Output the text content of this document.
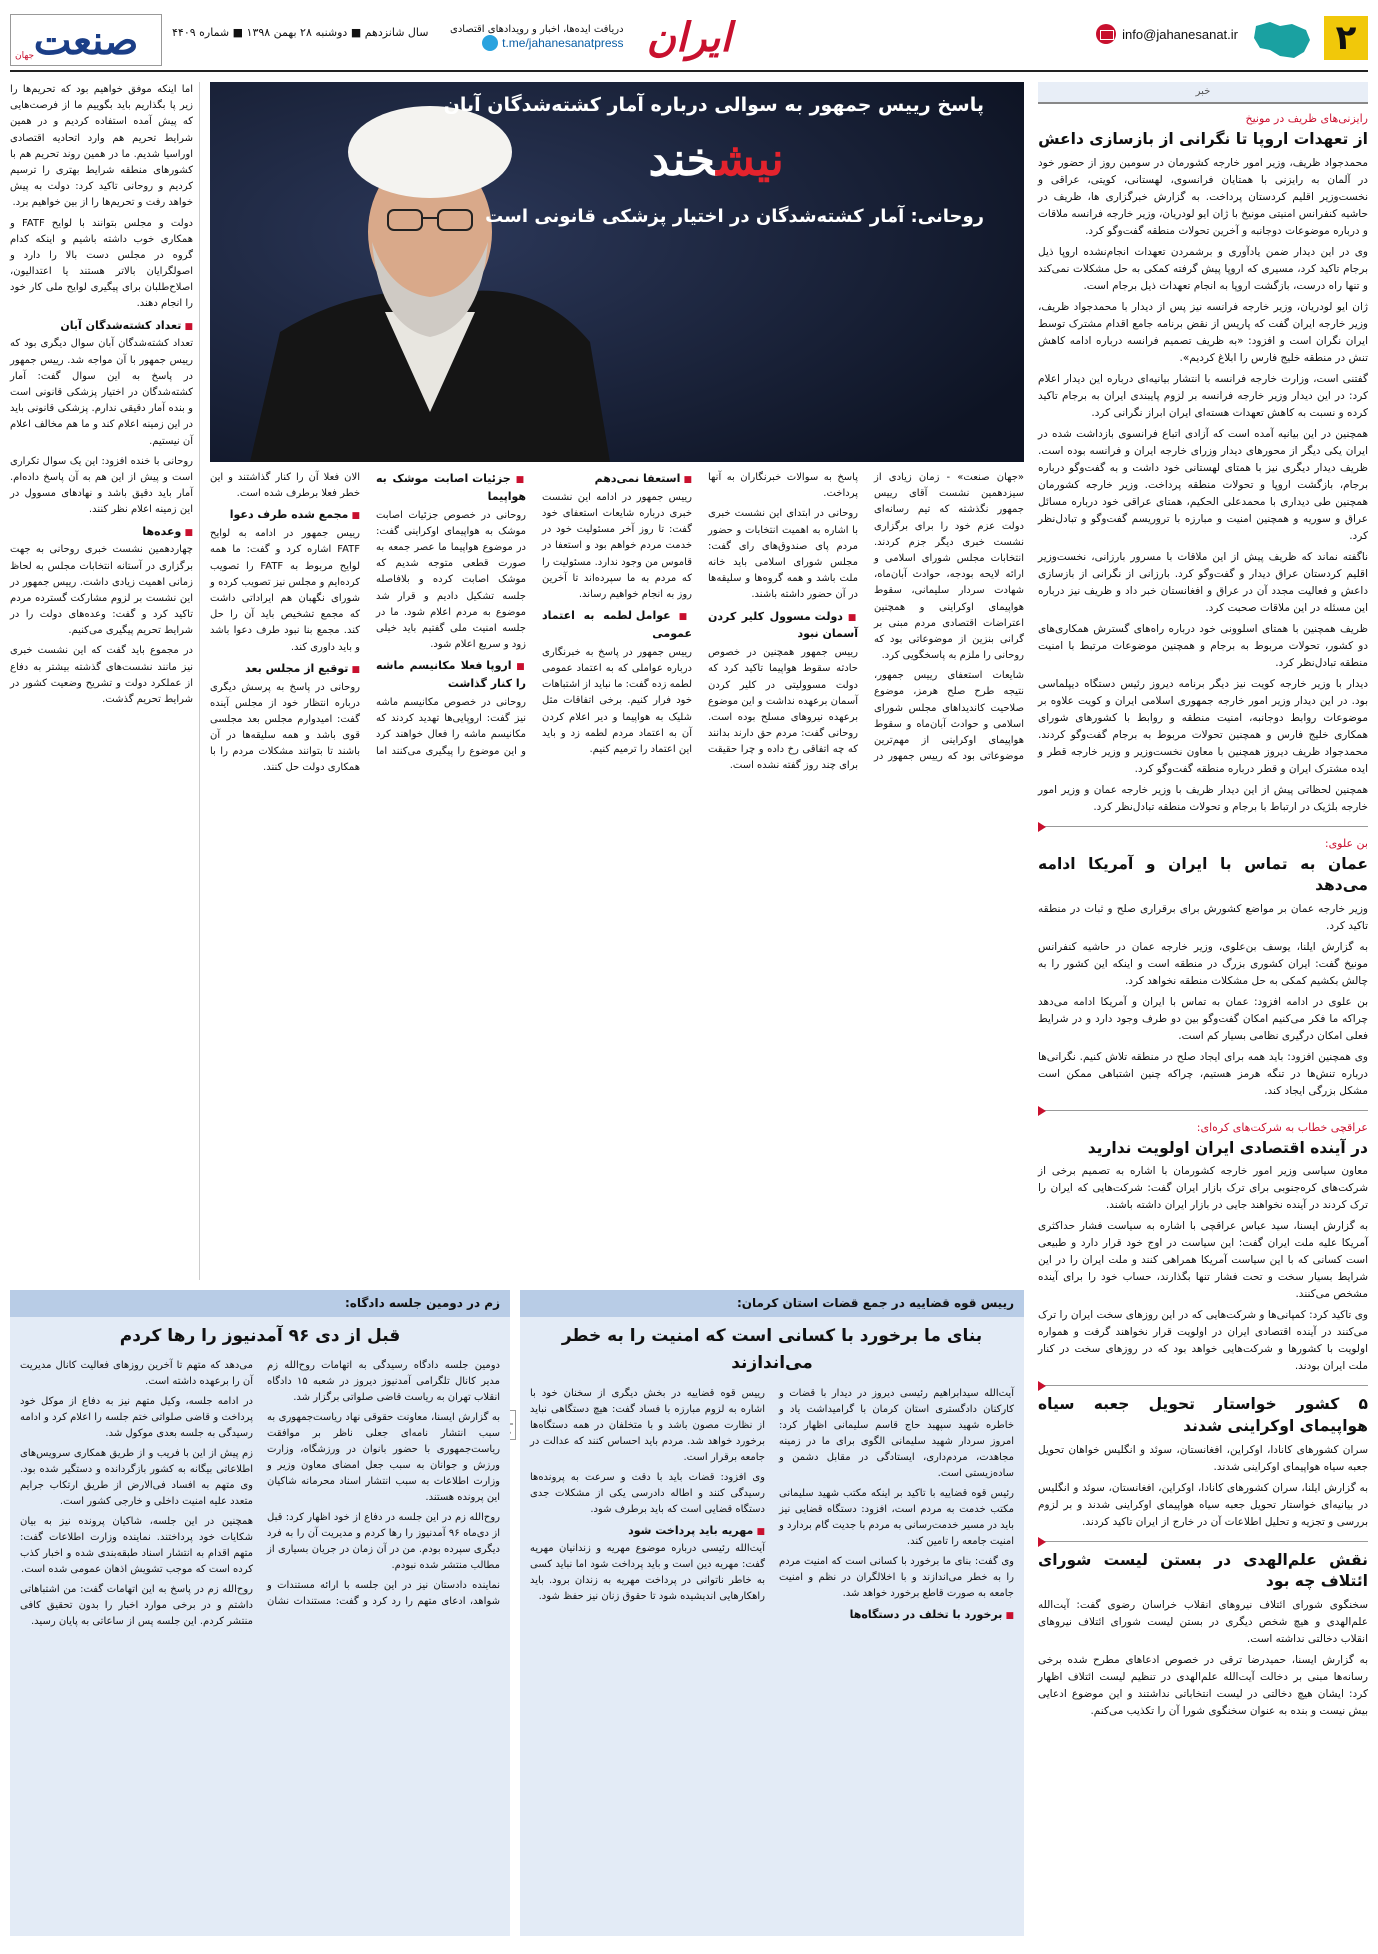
۲
info@jahanesanat.ir
ایران
دریافت ایده‌ها، اخبار و رویدادهای اقتصادی
t.me/jahanesanatpress
سال شانزدهم ■ دوشنبه ۲۸ بهمن ۱۳۹۸ ■ شماره ۴۴۰۹
صنعت
جهان
خبر
رایزنی‌های ظریف در مونیخ
از تعهدات اروپا تا نگرانی از بازسازی داعش

محمدجواد ظریف، وزیر امور خارجه کشورمان در سومین روز از حضور خود در آلمان به رایزنی با همتایان فرانسوی، لهستانی، کویتی، عراقی و نخست‌وزیر اقلیم کردستان پرداخت. به گزارش خبرگزاری ها، ظریف در حاشیه کنفرانس امنیتی مونیخ با ژان ایو لودریان، وزیر خارجه فرانسه ملاقات و درباره موضوعات دوجانبه و آخرین تحولات منطقه گفت‌وگو کرد.

وی در این دیدار ضمن یادآوری و برشمردن تعهدات انجام‌نشده اروپا ذیل برجام تاکید کرد، مسیری که اروپا پیش گرفته کمکی به حل مشکلات نمی‌کند و تنها راه درست، بازگشت اروپا به انجام تعهدات ذیل برجام است.

ژان ایو لودریان، وزیر خارجه فرانسه نیز پس از دیدار با محمدجواد ظریف، وزیر خارجه ایران گفت که پاریس از نقض برنامه جامع اقدام مشترک توسط ایران نگران است و افزود: «به ظریف تصمیم فرانسه درباره ادامه کاهش تنش در منطقه خلیج فارس را ابلاغ کردیم».

گفتنی است، وزارت خارجه فرانسه با انتشار بیانیه‌ای درباره این دیدار اعلام کرد: در این دیدار وزیر خارجه فرانسه بر لزوم پایبندی ایران به برجام تاکید کرده و نسبت به کاهش تعهدات هسته‌ای ایران ابراز نگرانی کرد.

همچنین در این بیانیه آمده است که آزادی اتباع فرانسوی بازداشت شده در ایران یکی دیگر از محورهای دیدار وزرای خارجه ایران و فرانسه بوده است. ظریف دیدار دیگری نیز با همتای لهستانی خود داشت و به گفت‌وگو درباره برجام، بازگشت اروپا و تحولات منطقه پرداخت. وزیر خارجه کشورمان همچنین طی دیداری با محمدعلی الحکیم، همتای عراقی خود درباره مسائل عراق و سوریه و همچنین امنیت و مبارزه با تروریسم گفت‌وگو و تبادل‌نظر کرد.

ناگفته نماند که ظریف پیش از این ملاقات با مسرور بارزانی، نخست‌وزیر اقلیم کردستان عراق دیدار و گفت‌وگو کرد. بارزانی از نگرانی از بازسازی داعش و فعالیت مجدد آن در عراق و افغانستان خبر داد و ظریف نیز درباره این مسئله در این ملاقات صحبت کرد.

ظریف همچنین با همتای اسلوونی خود درباره راه‌های گسترش همکاری‌های دو کشور، تحولات مربوط به برجام و همچنین موضوعات مرتبط با امنیت منطقه تبادل‌نظر کرد.

دیدار با وزیر خارجه کویت نیز دیگر برنامه دیروز رئیس دستگاه دیپلماسی بود. در این دیدار وزیر امور خارجه جمهوری اسلامی ایران و کویت علاوه بر موضوعات روابط دوجانبه، امنیت منطقه و روابط با کشورهای شورای همکاری خلیج فارس و همچنین تحولات مربوط به برجام گفت‌وگو کردند. محمدجواد ظریف دیروز همچنین با معاون نخست‌وزیر و وزیر خارجه قطر و ایده مشترک ایران و قطر درباره منطقه گفت‌وگو کرد.

همچنین لحظاتی پیش از این دیدار ظریف با وزیر خارجه عمان و وزیر امور خارجه بلژیک در ارتباط با برجام و تحولات منطقه تبادل‌نظر کرد.

بن علوی:
عمان به تماس با ایران و آمریکا ادامه می‌دهد

وزیر خارجه عمان بر مواضع کشورش برای برقراری صلح و ثبات در منطقه تاکید کرد.

به گزارش ایلنا، یوسف بن‌علوی، وزیر خارجه عمان در حاشیه کنفرانس مونیخ گفت: ایران کشوری بزرگ در منطقه است و اینکه این کشور را به چالش بکشیم کمکی به حل مشکلات منطقه نخواهد کرد.

بن علوی در ادامه افزود: عمان به تماس با ایران و آمریکا ادامه می‌دهد چراکه ما فکر می‌کنیم امکان گفت‌وگو بین دو طرف وجود دارد و در شرایط فعلی امکان درگیری نظامی بسیار کم است.

وی همچنین افزود: باید همه برای ایجاد صلح در منطقه تلاش کنیم. نگرانی‌ها درباره تنش‌ها در تنگه هرمز هستیم، چراکه چنین اشتباهی ممکن است مشکل بزرگی ایجاد کند.

عراقچی خطاب به شرکت‌های کره‌ای:
در آینده اقتصادی ایران اولویت ندارید

معاون سیاسی وزیر امور خارجه کشورمان با اشاره به تصمیم برخی از شرکت‌های کره‌جنوبی برای ترک بازار ایران گفت: شرکت‌هایی که ایران را ترک کردند در آینده نخواهند جایی در بازار ایران داشته باشند.

به گزارش ایسنا، سید عباس عراقچی با اشاره به سیاست فشار حداکثری آمریکا علیه ملت ایران گفت: این سیاست در اوج خود قرار دارد و طبیعی است کسانی که با این سیاست آمریکا همراهی کنند و ملت ایران را در این شرایط بسیار سخت و تحت فشار تنها بگذارند، حساب خود را برای آینده مشخص می‌کنند.

وی تاکید کرد: کمپانی‌ها و شرکت‌هایی که در این روزهای سخت ایران را ترک می‌کنند در آینده اقتصادی ایران در اولویت قرار نخواهند گرفت و همواره اولویت با کشورها و شرکت‌هایی خواهد بود که در روزهای سخت در کنار ملت ایران بودند.

۵ کشور خواستار تحویل جعبه سیاه هواپیمای اوکراینی شدند

سران کشورهای کانادا، اوکراین، افغانستان، سوئد و انگلیس خواهان تحویل جعبه سیاه هواپیمای اوکراینی شدند.

به گزارش ایلنا، سران کشورهای کانادا، اوکراین، افغانستان، سوئد و انگلیس در بیانیه‌ای خواستار تحویل جعبه سیاه هواپیمای اوکراینی شدند و بر لزوم بررسی و تجزیه و تحلیل اطلاعات آن در خارج از ایران تاکید کردند.

نقش علم‌الهدی در بستن لیست شورای ائتلاف چه بود

سخنگوی شورای ائتلاف نیروهای انقلاب خراسان رضوی گفت: آیت‌الله علم‌الهدی و هیچ شخص دیگری در بستن لیست شورای ائتلاف نیروهای انقلاب دخالتی نداشته است.

به گزارش ایسنا، حمیدرضا ترقی در خصوص ادعاهای مطرح شده برخی رسانه‌ها مبنی بر دخالت آیت‌الله علم‌الهدی در تنظیم لیست ائتلاف اظهار کرد: ایشان هیچ دخالتی در لیست انتخاباتی نداشتند و این موضوع ادعایی بیش نیست و بنده به عنوان سخنگوی شورا آن را تکذیب می‌کنم.

پاسخ رییس جمهور به سوالی درباره آمار کشته‌شدگان آبان
نیشخند
روحانی: آمار کشته‌شدگان در اختیار پزشکی قانونی است

«جهان صنعت» - زمان زیادی از سیزدهمین نشست آقای رییس جمهور نگذشته که تیم رسانه‌ای دولت عزم خود را برای برگزاری نشست خبری دیگر جزم کردند. انتخابات مجلس شورای اسلامی و ارائه لایحه بودجه، حوادث آبان‌ماه، شهادت سردار سلیمانی، سقوط هواپیمای اوکراینی و همچنین اعتراضات اقتصادی مردم مبنی بر گرانی بنزین از موضوعاتی بود که روحانی را ملزم به پاسخگویی کرد.

شایعات استعفای رییس جمهور، نتیجه طرح صلح هرمز، موضوع صلاحیت کاندیداهای مجلس شورای اسلامی و حوادث آبان‌ماه و سقوط هواپیمای اوکراینی از مهم‌ترین موضوعاتی بود که رییس جمهور در پاسخ به سوالات خبرنگاران به آنها پرداخت.

روحانی در ابتدای این نشست خبری با اشاره به اهمیت انتخابات و حضور مردم پای صندوق‌های رای گفت: مجلس شورای اسلامی باید خانه ملت باشد و همه گروه‌ها و سلیقه‌ها در آن حضور داشته باشند.

■ دولت مسوول کلیر کردن آسمان نبود

رییس جمهور همچنین در خصوص حادثه سقوط هواپیما تاکید کرد که دولت مسوولیتی در کلیر کردن آسمان برعهده نداشت و این موضوع برعهده نیروهای مسلح بوده است. روحانی گفت: مردم حق دارند بدانند که چه اتفاقی رخ داده و چرا حقیقت برای چند روز گفته نشده است.

■ استعفا نمی‌دهم

رییس جمهور در ادامه این نشست خبری درباره شایعات استعفای خود گفت: تا روز آخر مسئولیت خود در خدمت مردم خواهم بود و استعفا در قاموس من وجود ندارد. مسئولیت را که مردم به ما سپرده‌اند تا آخرین روز به انجام خواهیم رساند.

■ عوامل لطمه به اعتماد عمومی

رییس جمهور در پاسخ به خبرنگاری درباره عواملی که به اعتماد عمومی لطمه زده گفت: ما نباید از اشتباهات خود فرار کنیم. برخی اتفاقات مثل شلیک به هواپیما و دیر اعلام کردن آن به اعتماد مردم لطمه زد و باید این اعتماد را ترمیم کنیم.

■ جزئیات اصابت موشک به هواپیما

روحانی در خصوص جزئیات اصابت موشک به هواپیمای اوکراینی گفت: در موضوع هواپیما ما عصر جمعه به صورت قطعی متوجه شدیم که موشک اصابت کرده و بلافاصله جلسه تشکیل دادیم و قرار شد موضوع به مردم اعلام شود. ما در جلسه امنیت ملی گفتیم باید خیلی زود و سریع اعلام شود.

■ اروپا فعلا مکانیسم ماشه را کنار گذاشت

روحانی در خصوص مکانیسم ماشه نیز گفت: اروپایی‌ها تهدید کردند که مکانیسم ماشه را فعال خواهند کرد و این موضوع را پیگیری می‌کنند اما الان فعلا آن را کنار گذاشتند و این خطر فعلا برطرف شده است.

■ مجمع شده طرف دعوا

رییس جمهور در ادامه به لوایح FATF اشاره کرد و گفت: ما همه لوایح مربوط به FATF را تصویب کرده‌ایم و مجلس نیز تصویب کرده و شورای نگهبان هم ایراداتی داشت که مجمع تشخیص باید آن را حل کند. مجمع بنا نبود طرف دعوا باشد و باید داوری کند.

■ توقیع از مجلس بعد

روحانی در پاسخ به پرسش دیگری درباره انتظار خود از مجلس آینده گفت: امیدوارم مجلس بعد مجلسی قوی باشد و همه سلیقه‌ها در آن باشند تا بتوانند مشکلات مردم را با همکاری دولت حل کنند.

اما اینکه موفق خواهیم بود که تحریم‌ها را زیر پا بگذاریم باید بگوییم ما از فرصت‌هایی که پیش آمده استفاده کردیم و در همین شرایط تحریم هم وارد اتحادیه اقتصادی اوراسیا شدیم. ما در همین روند تحریم هم با کشورهای منطقه شرایط بهتری را ترسیم کردیم و روحانی تاکید کرد: دولت به پیش خواهد رفت و تحریم‌ها را از بین خواهیم برد.

دولت و مجلس بتوانند با لوایح FATF و همکاری خوب داشته باشیم و اینکه کدام گروه در مجلس دست بالا را دارد و اصولگرایان بالاتر هستند یا اعتدالیون، اصلاح‌طلبان برای پیگیری لوایح ملی کار خود را انجام دهند.

■ تعداد کشته‌شدگان آبان

تعداد کشته‌شدگان آبان سوال دیگری بود که رییس جمهور با آن مواجه شد. رییس جمهور در پاسخ به این سوال گفت: آمار کشته‌شدگان در اختیار پزشکی قانونی است و بنده آمار دقیقی ندارم. پزشکی قانونی باید در این زمینه اعلام کند و ما هم مخالف اعلام آن نیستیم.

روحانی با خنده افزود: این یک سوال تکراری است و پیش از این هم به آن پاسخ داده‌ام. آمار باید دقیق باشد و نهادهای مسوول در این زمینه اعلام نظر کنند.

■ وعده‌ها

چهاردهمین نشست خبری روحانی به جهت برگزاری در آستانه انتخابات مجلس به لحاظ زمانی اهمیت زیادی داشت. رییس جمهور در این نشست بر لزوم مشارکت گسترده مردم تاکید کرد و گفت: وعده‌های دولت را در شرایط تحریم پیگیری می‌کنیم.

در مجموع باید گفت که این نشست خبری نیز مانند نشست‌های گذشته بیشتر به دفاع از عملکرد دولت و تشریح وضعیت کشور در شرایط تحریم گذشت.

رییس قوه قضاییه در جمع قضات استان کرمان:
بنای ما برخورد با کسانی است که امنیت را به خطر می‌اندازند

آیت‌الله سیدابراهیم رئیسی دیروز در دیدار با قضات و کارکنان دادگستری استان کرمان با گرامیداشت یاد و خاطره شهید سپهبد حاج قاسم سلیمانی اظهار کرد: امروز سردار شهید سلیمانی الگوی برای ما در زمینه مجاهدت، مردم‌داری، ایستادگی در مقابل دشمن و ساده‌زیستی است.

رئیس قوه قضاییه با تاکید بر اینکه مکتب شهید سلیمانی مکتب خدمت به مردم است، افزود: دستگاه قضایی نیز باید در مسیر خدمت‌رسانی به مردم با جدیت گام بردارد و امنیت جامعه را تامین کند.

وی گفت: بنای ما برخورد با کسانی است که امنیت مردم را به خطر می‌اندازند و با اخلالگران در نظم و امنیت جامعه به صورت قاطع برخورد خواهد شد.

■ برخورد با تخلف در دستگاه‌ها

رییس قوه قضاییه در بخش دیگری از سخنان خود با اشاره به لزوم مبارزه با فساد گفت: هیچ دستگاهی نباید از نظارت مصون باشد و با متخلفان در همه دستگاه‌ها برخورد خواهد شد. مردم باید احساس کنند که عدالت در جامعه برقرار است.

وی افزود: قضات باید با دقت و سرعت به پرونده‌ها رسیدگی کنند و اطاله دادرسی یکی از مشکلات جدی دستگاه قضایی است که باید برطرف شود.

■ مهریه باید پرداخت شود

آیت‌الله رئیسی درباره موضوع مهریه و زندانیان مهریه گفت: مهریه دین است و باید پرداخت شود اما نباید کسی به خاطر ناتوانی در پرداخت مهریه به زندان برود. باید راهکارهایی اندیشیده شود تا حقوق زنان نیز حفظ شود.

زم در دومین جلسه دادگاه:
قبل از دی ۹۶ آمدنیوز را رها کردم

دومین جلسه دادگاه رسیدگی به اتهامات روح‌الله زم مدیر کانال تلگرامی آمدنیوز دیروز در شعبه ۱۵ دادگاه انقلاب تهران به ریاست قاضی صلواتی برگزار شد.

به گزارش ایسنا، معاونت حقوقی نهاد ریاست‌جمهوری به سبب انتشار نامه‌ای جعلی ناظر بر موافقت ریاست‌جمهوری با حضور بانوان در ورزشگاه، وزارت ورزش و جوانان به سبب جعل امضای معاون وزیر و وزارت اطلاعات به سبب انتشار اسناد محرمانه شاکیان این پرونده هستند.

روح‌الله زم در این جلسه در دفاع از خود اظهار کرد: قبل از دی‌ماه ۹۶ آمدنیوز را رها کردم و مدیریت آن را به فرد دیگری سپرده بودم. من در آن زمان در جریان بسیاری از مطالب منتشر شده نبودم.

نماینده دادستان نیز در این جلسه با ارائه مستندات و شواهد، ادعای متهم را رد کرد و گفت: مستندات نشان می‌دهد که متهم تا آخرین روزهای فعالیت کانال مدیریت آن را برعهده داشته است.

در ادامه جلسه، وکیل متهم نیز به دفاع از موکل خود پرداخت و قاضی صلواتی ختم جلسه را اعلام کرد و ادامه رسیدگی به جلسه بعدی موکول شد.

زم پیش از این با فریب و از طریق همکاری سرویس‌های اطلاعاتی بیگانه به کشور بازگردانده و دستگیر شده بود. وی متهم به افساد فی‌الارض از طریق ارتکاب جرایم متعدد علیه امنیت داخلی و خارجی کشور است.

همچنین در این جلسه، شاکیان پرونده نیز به بیان شکایات خود پرداختند. نماینده وزارت اطلاعات گفت: متهم اقدام به انتشار اسناد طبقه‌بندی شده و اخبار کذب کرده است که موجب تشویش اذهان عمومی شده است.

روح‌الله زم در پاسخ به این اتهامات گفت: من اشتباهاتی داشتم و در برخی موارد اخبار را بدون تحقیق کافی منتشر کردم. این جلسه پس از ساعاتی به پایان رسید.
